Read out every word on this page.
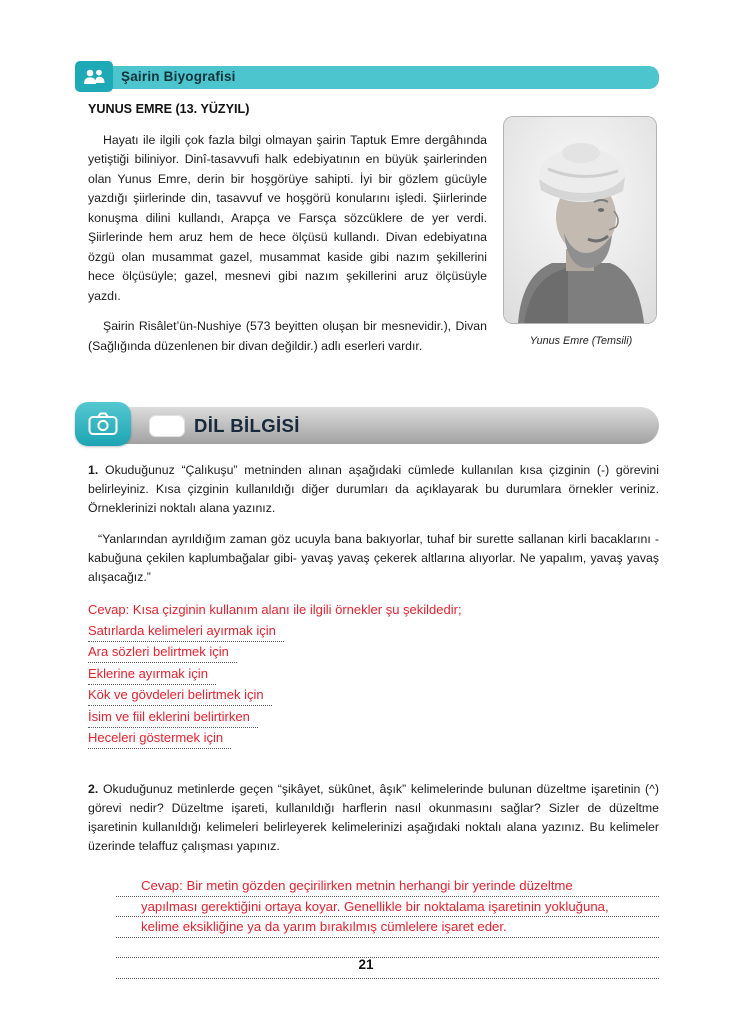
Şairin Biyografisi
Yunus Emre (Temsili)
YUNUS EMRE (13. YÜZYIL)

Hayatı ile ilgili çok fazla bilgi olmayan şairin Taptuk Emre dergâhında yetiştiği biliniyor. Dinî-tasavvufi halk edebiyatının en büyük şairlerinden olan Yunus Emre, derin bir hoşgörüye sahipti. İyi bir gözlem gücüyle yazdığı şiirlerinde din, tasavvuf ve hoşgörü konularını işledi. Şiirlerinde konuşma dilini kullandı, Arapça ve Farsça sözcüklere de yer verdi. Şiirlerinde hem aruz hem de hece ölçüsü kullandı. Divan edebiyatına özgü olan musammat gazel, musammat kaside gibi nazım şekillerini hece ölçüsüyle; gazel, mesnevi gibi nazım şekillerini aruz ölçüsüyle yazdı.

Şairin Risâlet’ün-Nushiye (573 beyitten oluşan bir mesnevidir.), Divan (Sağlığında düzenlenen bir divan değildir.) adlı eserleri vardır.

DİL BİLGİSİ

1. Okuduğunuz “Çalıkuşu” metninden alınan aşağıdaki cümlede kullanılan kısa çizginin (-) görevini belirleyiniz. Kısa çizginin kullanıldığı diğer durumları da açıklayarak bu durumlara örnekler veriniz. Örneklerinizi noktalı alana yazınız.

“Yanlarından ayrıldığım zaman göz ucuyla bana bakıyorlar, tuhaf bir surette sallanan kirli bacaklarını -kabuğuna çekilen kaplumbağalar gibi- yavaş yavaş çekerek altlarına alıyorlar. Ne yapalım, yavaş yavaş alışacağız.”

Cevap: Kısa çizginin kullanım alanı ile ilgili örnekler şu şekildedir;
Satırlarda kelimeleri ayırmak için
Ara sözleri belirtmek için
Eklerine ayırmak için
Kök ve gövdeleri belirtmek için
İsim ve fiil eklerini belirtirken
Heceleri göstermek için

2. Okuduğunuz metinlerde geçen “şikâyet, sükûnet, âşık” kelimelerinde bulunan düzeltme işaretinin (^) görevi nedir? Düzeltme işareti, kullanıldığı harflerin nasıl okunmasını sağlar? Sizler de düzeltme işaretinin kullanıldığı kelimeleri belirleyerek kelimelerinizi aşağıdaki noktalı alana yazınız. Bu kelimeler üzerinde telaffuz çalışması yapınız.

Cevap: Bir metin gözden geçirilirken metnin herhangi bir yerinde düzeltme
yapılması gerektiğini ortaya koyar. Genellikle bir noktalama işaretinin yokluğuna,
kelime eksikliğine ya da yarım bırakılmış cümlelere işaret eder.
21
